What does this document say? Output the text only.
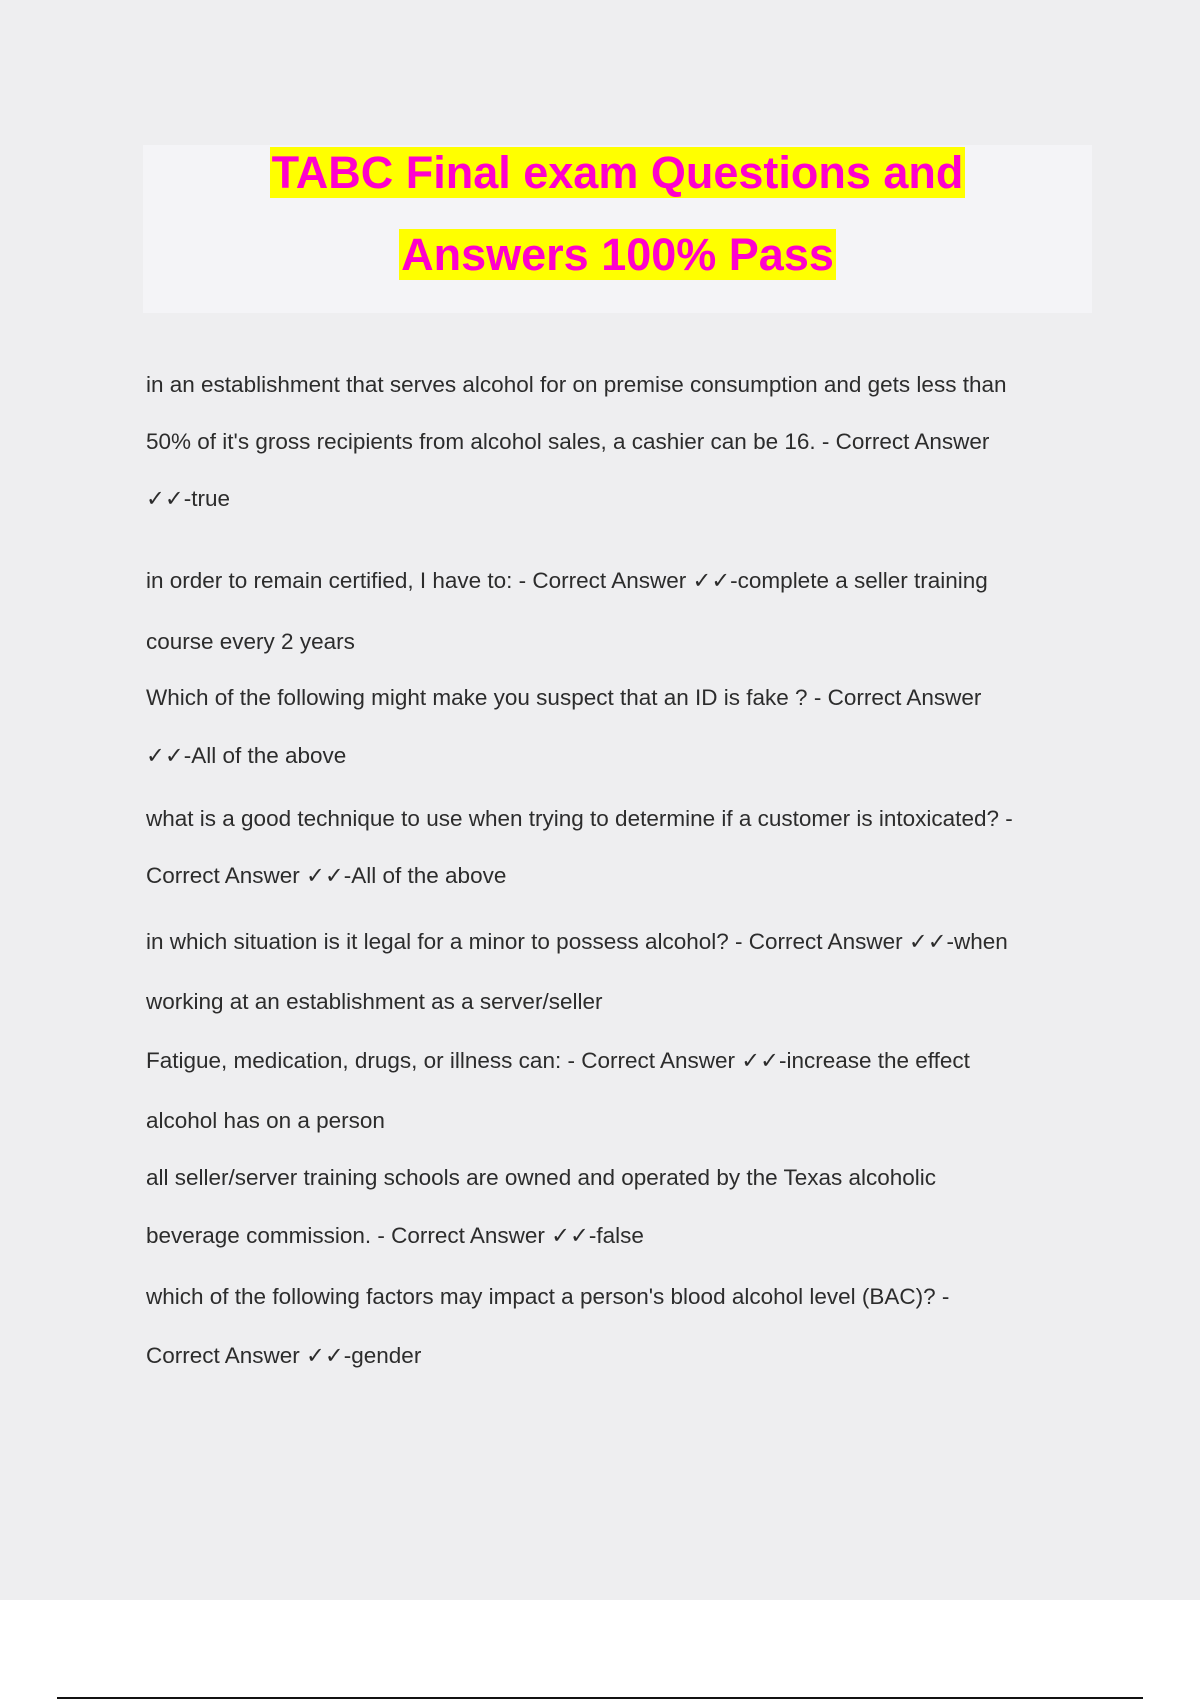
TABC Final exam Questions and
Answers 100% Pass
in an establishment that serves alcohol for on premise consumption and gets less than
50% of it's gross recipients from alcohol sales, a cashier can be 16. - Correct Answer
✓✓-true
in order to remain certified, I have to: - Correct Answer ✓✓-complete a seller training
course every 2 years
Which of the following might make you suspect that an ID is fake ? - Correct Answer
✓✓-All of the above
what is a good technique to use when trying to determine if a customer is intoxicated? -
Correct Answer ✓✓-All of the above
in which situation is it legal for a minor to possess alcohol? - Correct Answer ✓✓-when
working at an establishment as a server/seller
Fatigue, medication, drugs, or illness can: - Correct Answer ✓✓-increase the effect
alcohol has on a person
all seller/server training schools are owned and operated by the Texas alcoholic
beverage commission. - Correct Answer ✓✓-false
which of the following factors may impact a person's blood alcohol level (BAC)? -
Correct Answer ✓✓-gender
